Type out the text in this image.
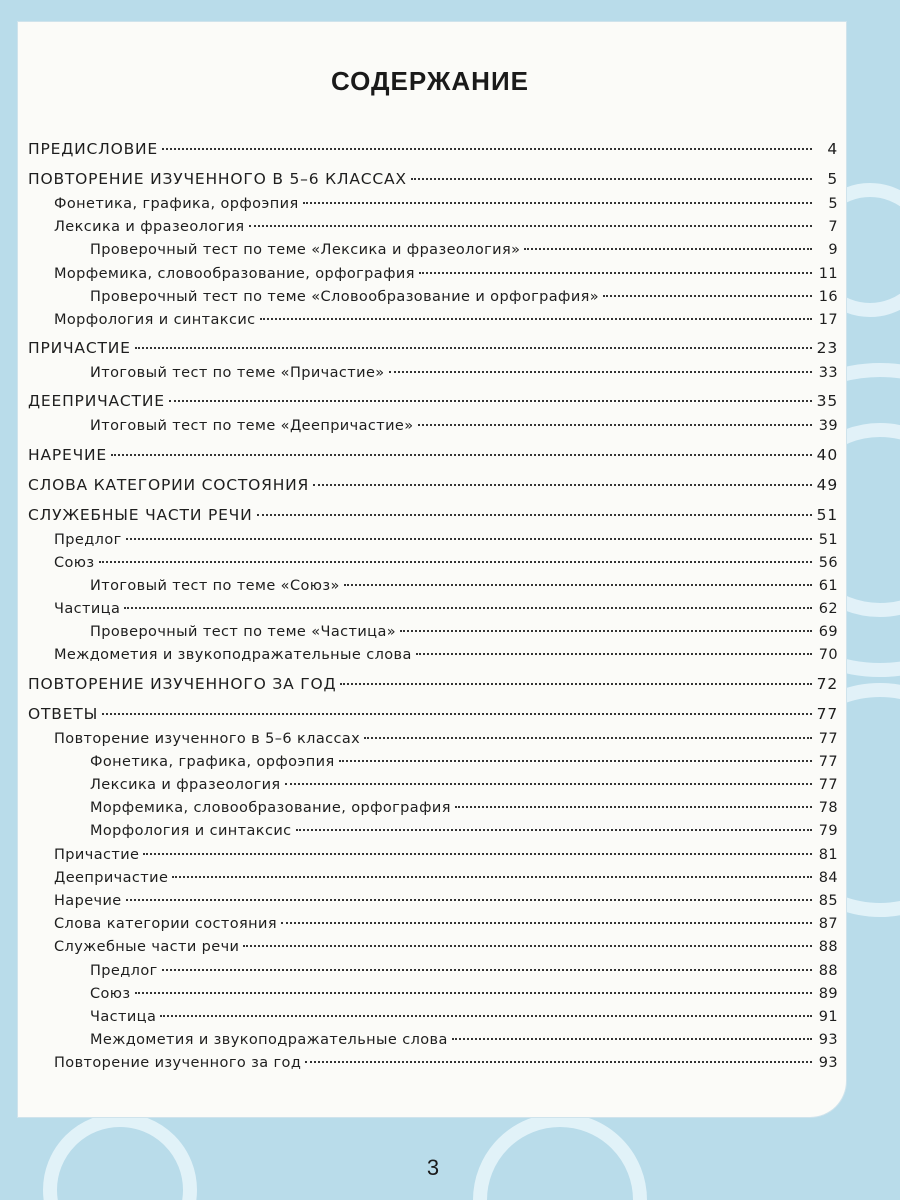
СОДЕРЖАНИЕ
ПРЕДИСЛОВИЕ	4
ПОВТОРЕНИЕ ИЗУЧЕННОГО В 5–6 КЛАССАХ	5
Фонетика, графика, орфоэпия	5
Лексика и фразеология	7
Проверочный тест по теме «Лексика и фразеология»	9
Морфемика, словообразование, орфография	11
Проверочный тест по теме «Словообразование и орфография»	16
Морфология и синтаксис	17
ПРИЧАСТИЕ	23
Итоговый тест по теме «Причастие»	33
ДЕЕПРИЧАСТИЕ	35
Итоговый тест по теме «Деепричастие»	39
НАРЕЧИЕ	40
СЛОВА КАТЕГОРИИ СОСТОЯНИЯ	49
СЛУЖЕБНЫЕ ЧАСТИ РЕЧИ	51
Предлог	51
Союз	56
Итоговый тест по теме «Союз»	61
Частица	62
Проверочный тест по теме «Частица»	69
Междометия и звукоподражательные слова	70
ПОВТОРЕНИЕ ИЗУЧЕННОГО ЗА ГОД	72
ОТВЕТЫ	77
Повторение изученного в 5–6 классах	77
Фонетика, графика, орфоэпия	77
Лексика и фразеология	77
Морфемика, словообразование, орфография	78
Морфология и синтаксис	79
Причастие	81
Деепричастие	84
Наречие	85
Слова категории состояния	87
Служебные части речи	88
Предлог	88
Союз	89
Частица	91
Междометия и звукоподражательные слова	93
Повторение изученного за год	93
3
